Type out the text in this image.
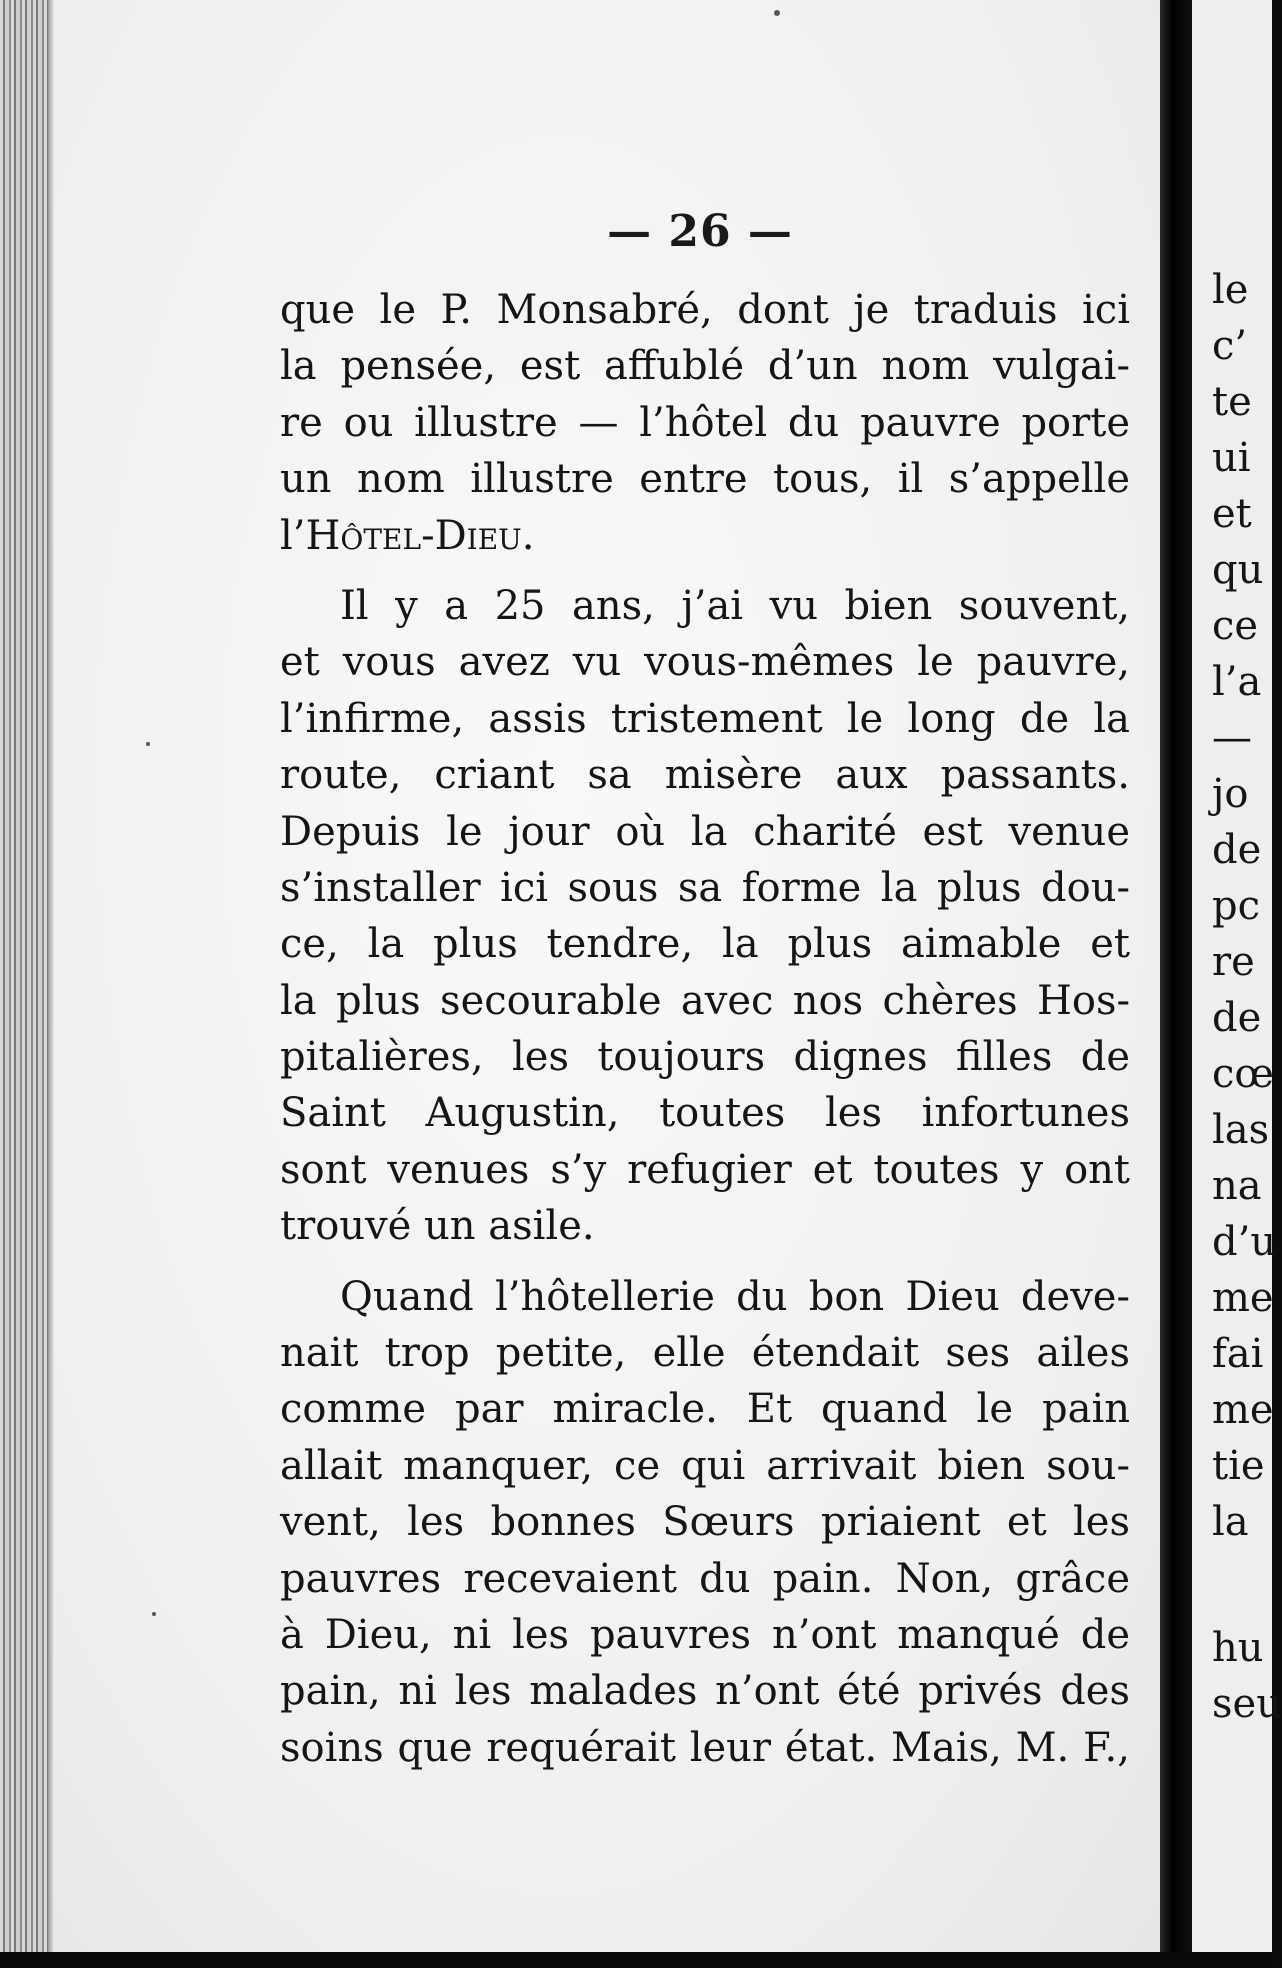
— 26 —
que le P. Monsabré, dont je traduis ici
la pensée, est affublé d’un nom vulgai-
re ou illustre — l’hôtel du pauvre porte
un nom illustre entre tous, il s’appelle
l’Hôtel-Dieu.
Il y a 25 ans, j’ai vu bien souvent,
et vous avez vu vous-mêmes le pauvre,
l’infirme, assis tristement le long de la
route, criant sa misère aux passants.
Depuis le jour où la charité est venue
s’installer ici sous sa forme la plus dou-
ce, la plus tendre, la plus aimable et
la plus secourable avec nos chères Hos-
pitalières, les toujours dignes filles de
Saint Augustin, toutes les infortunes
sont venues s’y refugier et toutes y ont
trouvé un asile.
Quand l’hôtellerie du bon Dieu deve-
nait trop petite, elle étendait ses ailes
comme par miracle. Et quand le pain
allait manquer, ce qui arrivait bien sou-
vent, les bonnes Sœurs priaient et les
pauvres recevaient du pain. Non, grâce
à Dieu, ni les pauvres n’ont manqué de
pain, ni les malades n’ont été privés des
soins que requérait leur état. Mais, M. F.,
le
c’
te
ui
et
qu
ce
l’a
—
jo
de
pc
re
de
cœ
las
na
d’u
me
fai
me
tie
la
hu
seu
